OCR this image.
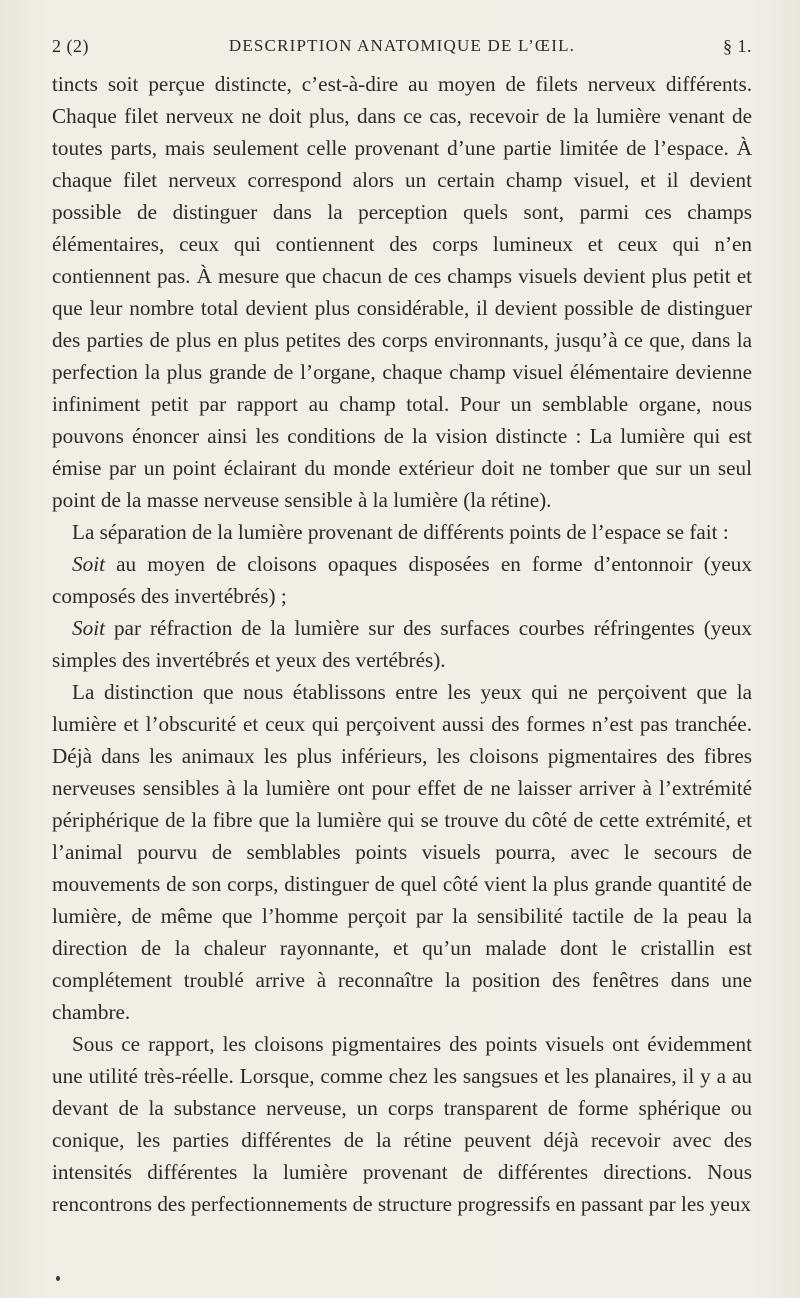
2 (2)	DESCRIPTION ANATOMIQUE DE L’ŒIL.	§ 1.

tincts soit perçue distincte, c’est-à-dire au moyen de filets nerveux différents. Chaque filet nerveux ne doit plus, dans ce cas, recevoir de la lumière venant de toutes parts, mais seulement celle provenant d’une partie limitée de l’espace. À chaque filet nerveux correspond alors un certain champ visuel, et il devient possible de distinguer dans la perception quels sont, parmi ces champs élémentaires, ceux qui contiennent des corps lumineux et ceux qui n’en contiennent pas. À mesure que chacun de ces champs visuels devient plus petit et que leur nombre total devient plus considérable, il devient possible de distinguer des parties de plus en plus petites des corps environnants, jusqu’à ce que, dans la perfection la plus grande de l’organe, chaque champ visuel élémentaire devienne infiniment petit par rapport au champ total. Pour un semblable organe, nous pouvons énoncer ainsi les conditions de la vision distincte : La lumière qui est émise par un point éclairant du monde extérieur doit ne tomber que sur un seul point de la masse nerveuse sensible à la lumière (la rétine).

La séparation de la lumière provenant de différents points de l’espace se fait :

Soit au moyen de cloisons opaques disposées en forme d’entonnoir (yeux composés des invertébrés) ;

Soit par réfraction de la lumière sur des surfaces courbes réfringentes (yeux simples des invertébrés et yeux des vertébrés).

La distinction que nous établissons entre les yeux qui ne perçoivent que la lumière et l’obscurité et ceux qui perçoivent aussi des formes n’est pas tranchée. Déjà dans les animaux les plus inférieurs, les cloisons pigmentaires des fibres nerveuses sensibles à la lumière ont pour effet de ne laisser arriver à l’extrémité périphérique de la fibre que la lumière qui se trouve du côté de cette extrémité, et l’animal pourvu de semblables points visuels pourra, avec le secours de mouvements de son corps, distinguer de quel côté vient la plus grande quantité de lumière, de même que l’homme perçoit par la sensibilité tactile de la peau la direction de la chaleur rayonnante, et qu’un malade dont le cristallin est complétement troublé arrive à reconnaître la position des fenêtres dans une chambre.

Sous ce rapport, les cloisons pigmentaires des points visuels ont évidemment une utilité très-réelle. Lorsque, comme chez les sangsues et les planaires, il y a au devant de la substance nerveuse, un corps transparent de forme sphérique ou conique, les parties différentes de la rétine peuvent déjà recevoir avec des intensités différentes la lumière provenant de différentes directions. Nous rencontrons des perfectionnements de structure progressifs en passant par les yeux
